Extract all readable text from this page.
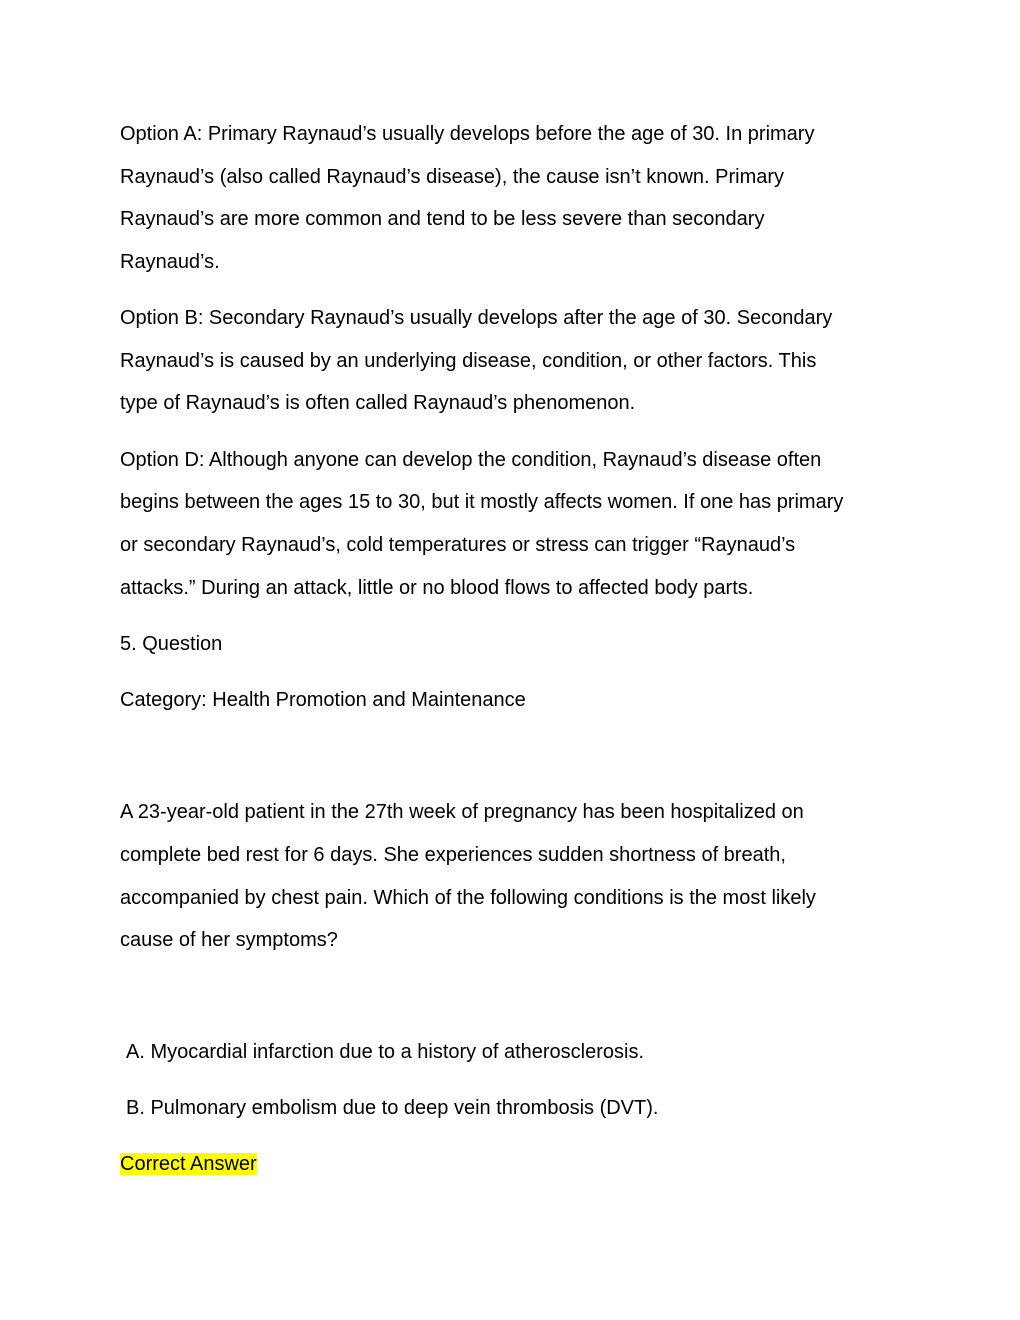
Option A: Primary Raynaud’s usually develops before the age of 30. In primary

Raynaud’s (also called Raynaud’s disease), the cause isn’t known. Primary

Raynaud’s are more common and tend to be less severe than secondary

Raynaud’s.

Option B: Secondary Raynaud’s usually develops after the age of 30. Secondary

Raynaud’s is caused by an underlying disease, condition, or other factors. This

type of Raynaud’s is often called Raynaud’s phenomenon.

Option D: Although anyone can develop the condition, Raynaud’s disease often

begins between the ages 15 to 30, but it mostly affects women. If one has primary

or secondary Raynaud’s, cold temperatures or stress can trigger “Raynaud’s

attacks.” During an attack, little or no blood flows to affected body parts.

5. Question

Category: Health Promotion and Maintenance

A 23-year-old patient in the 27th week of pregnancy has been hospitalized on

complete bed rest for 6 days. She experiences sudden shortness of breath,

accompanied by chest pain. Which of the following conditions is the most likely

cause of her symptoms?

A. Myocardial infarction due to a history of atherosclerosis.

B. Pulmonary embolism due to deep vein thrombosis (DVT).

Correct Answer
